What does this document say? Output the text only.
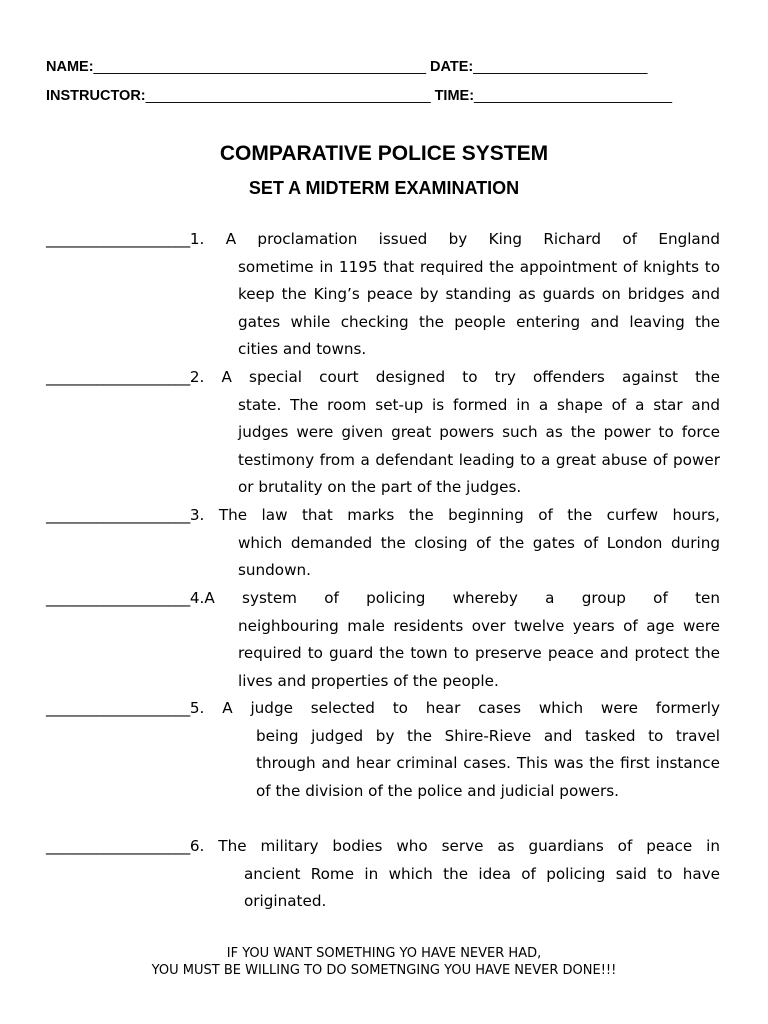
NAME:__________________________________________ DATE:______________________
INSTRUCTOR:____________________________________ TIME:_________________________
COMPARATIVE POLICE SYSTEM
SET A MIDTERM EXAMINATION
____________________ 1. A proclamation issued by King Richard of England
sometime in 1195 that required the appointment of knights to keep the King’s peace by standing as guards on bridges and gates while checking the people entering and leaving the cities and towns.
____________________ 2. A special court designed to try offenders against the
state. The room set-up is formed in a shape of a star and judges were given great powers such as the power to force testimony from a defendant leading to a great abuse of power or brutality on the part of the judges.
____________________ 3. The law that marks the beginning of the curfew hours,
which demanded the closing of the gates of London during sundown.
____________________ 4.A system of policing whereby a group of ten
neighbouring male residents over twelve years of age were required to guard the town to preserve peace and protect the lives and properties of the people.
____________________ 5. A judge selected to hear cases which were formerly
being judged by the Shire-Rieve and tasked to travel through and hear criminal cases. This was the first instance of the division of the police and judicial powers.
____________________ 6. The military bodies who serve as guardians of peace in
ancient Rome in which the idea of policing said to have originated.
IF YOU WANT SOMETHING YO HAVE NEVER HAD,
YOU MUST BE WILLING TO DO SOMETNGING YOU HAVE NEVER DONE!!!
